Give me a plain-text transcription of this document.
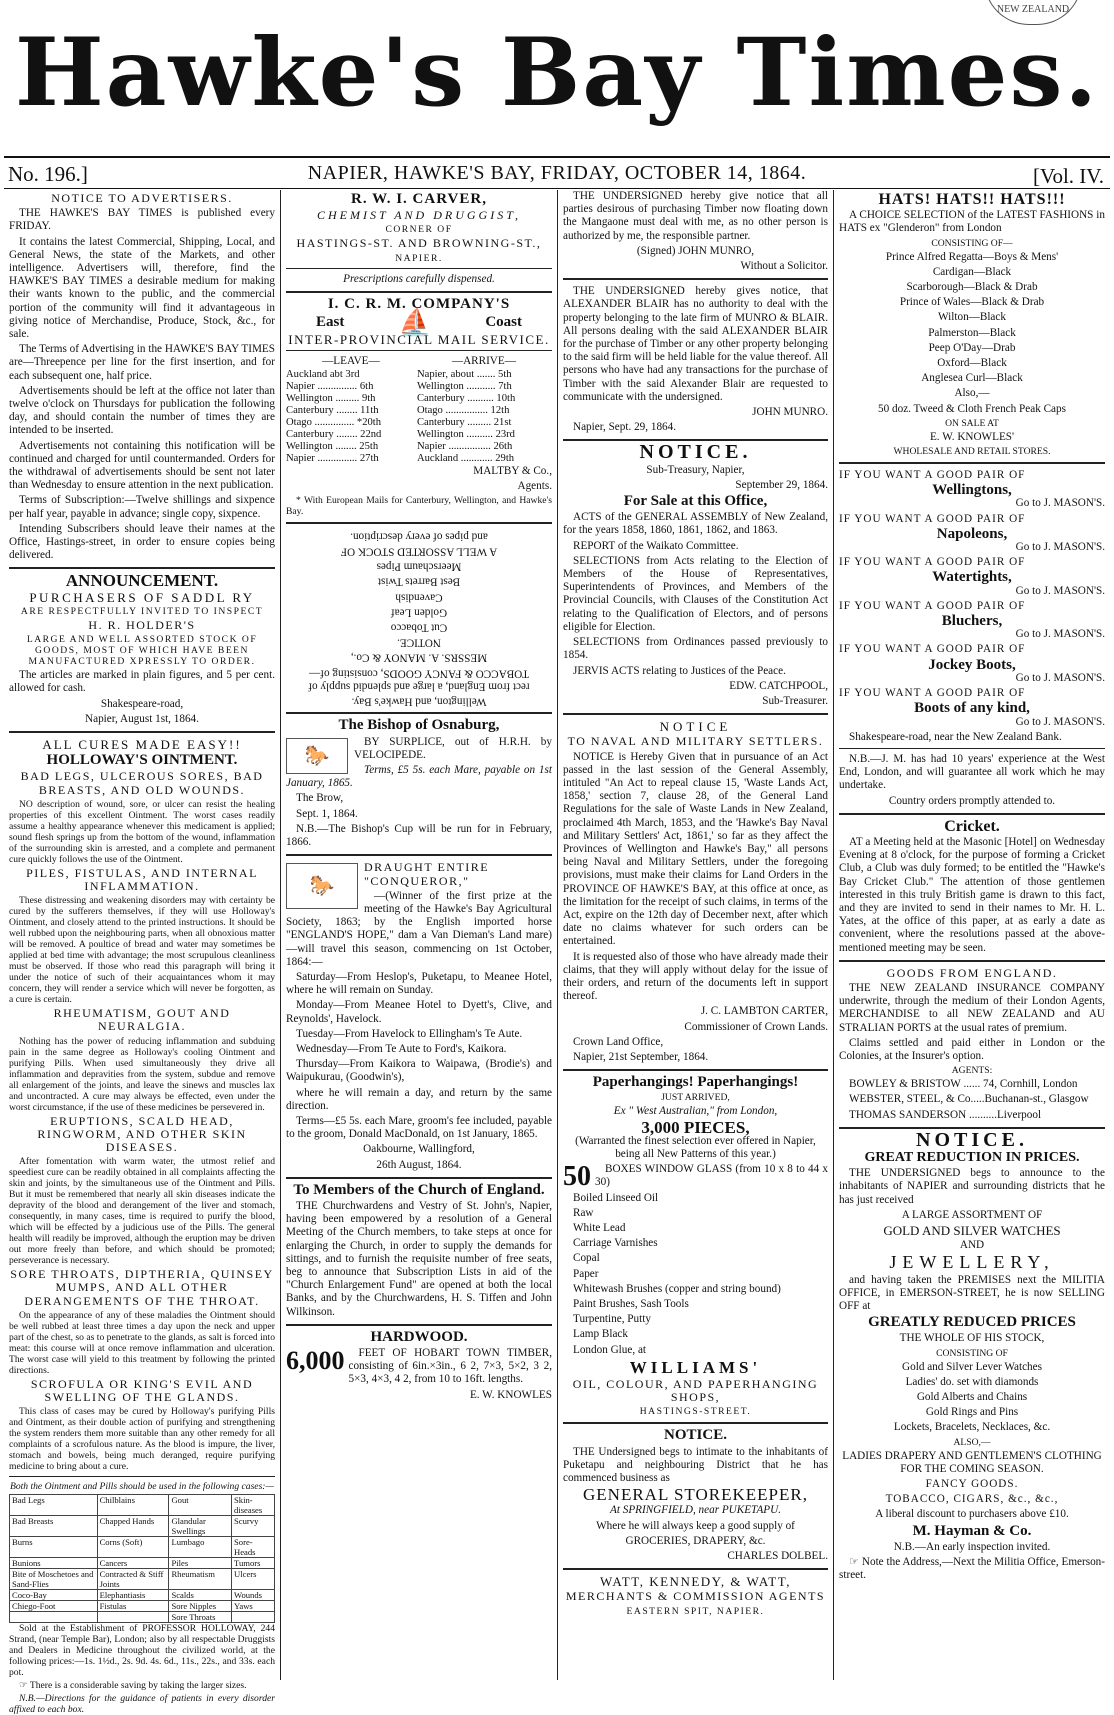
NEW ZEALAND
Hawke's Bay Times.
No. 196.]	NAPIER, HAWKE'S BAY, FRIDAY, OCTOBER 14, 1864.	[Vol. IV.
NOTICE TO ADVERTISERS.

THE HAWKE'S BAY TIMES is published every FRIDAY.

It contains the latest Commercial, Shipping, Local, and General News, the state of the Markets, and other intelligence. Advertisers will, therefore, find the HAWKE'S BAY TIMES a desirable medium for making their wants known to the public, and the commercial portion of the community will find it advantageous in giving notice of Merchandise, Produce, Stock, &c., for sale.

The Terms of Advertising in the HAWKE'S BAY TIMES are—Threepence per line for the first insertion, and for each subsequent one, half price.

Advertisements should be left at the office not later than twelve o'clock on Thursdays for publication the following day, and should contain the number of times they are intended to be inserted.

Advertisements not containing this notification will be continued and charged for until countermanded. Orders for the withdrawal of advertisements should be sent not later than Wednesday to ensure attention in the next publication.

Terms of Subscription:—Twelve shillings and sixpence per half year, payable in advance; single copy, sixpence.

Intending Subscribers should leave their names at the Office, Hastings-street, in order to ensure copies being delivered.

ANNOUNCEMENT.
PURCHASERS OF SADDL RY
ARE RESPECTFULLY INVITED TO INSPECT
H. R. HOLDER'S
LARGE AND WELL ASSORTED STOCK OF GOODS, MOST OF WHICH HAVE BEEN MANUFACTURED XPRESSLY TO ORDER.

The articles are marked in plain figures, and 5 per cent. allowed for cash.

Shakespeare-road,

Napier, August 1st, 1864.

ALL CURES MADE EASY!!
HOLLOWAY'S OINTMENT.
BAD LEGS, ULCEROUS SORES, BAD BREASTS, AND OLD WOUNDS.

NO description of wound, sore, or ulcer can resist the healing properties of this excellent Ointment. The worst cases readily assume a healthy appearance whenever this medicament is applied; sound flesh springs up from the bottom of the wound, inflammation of the surrounding skin is arrested, and a complete and permanent cure quickly follows the use of the Ointment.

PILES, FISTULAS, AND INTERNAL INFLAMMATION.

These distressing and weakening disorders may with certainty be cured by the sufferers themselves, if they will use Holloway's Ointment, and closely attend to the printed instructions. It should be well rubbed upon the neighbouring parts, when all obnoxious matter will be removed. A poultice of bread and water may sometimes be applied at bed time with advantage; the most scrupulous cleanliness must be observed. If those who read this paragraph will bring it under the notice of such of their acquaintances whom it may concern, they will render a service which will never be forgotten, as a cure is certain.

RHEUMATISM, GOUT AND NEURALGIA.

Nothing has the power of reducing inflammation and subduing pain in the same degree as Holloway's cooling Ointment and purifying Pills. When used simultaneously they drive all inflammation and depravities from the system, subdue and remove all enlargement of the joints, and leave the sinews and muscles lax and uncontracted. A cure may always be effected, even under the worst circumstance, if the use of these medicines be persevered in.

ERUPTIONS, SCALD HEAD, RINGWORM, AND OTHER SKIN DISEASES.

After fomentation with warm water, the utmost relief and speediest cure can be readily obtained in all complaints affecting the skin and joints, by the simultaneous use of the Ointment and Pills. But it must be remembered that nearly all skin diseases indicate the depravity of the blood and derangement of the liver and stomach, consequently, in many cases, time is required to purify the blood, which will be effected by a judicious use of the Pills. The general health will readily be improved, although the eruption may be driven out more freely than before, and which should be promoted; perseverance is necessary.

SORE THROATS, DIPTHERIA, QUINSEY MUMPS, AND ALL OTHER DERANGEMENTS OF THE THROAT.

On the appearance of any of these maladies the Ointment should be well rubbed at least three times a day upon the neck and upper part of the chest, so as to penetrate to the glands, as salt is forced into meat: this course will at once remove inflammation and ulceration. The worst case will yield to this treatment by following the printed directions.

SCROFULA OR KING'S EVIL AND SWELLING OF THE GLANDS.

This class of cases may be cured by Holloway's purifying Pills and Ointment, as their double action of purifying and strengthening the system renders them more suitable than any other remedy for all complaints of a scrofulous nature. As the blood is impure, the liver, stomach and bowels, being much deranged, require purifying medicine to bring about a cure.

Both the Ointment and Pills should be used in the following cases:—

Bad Legs	Chilblains	Gout	Skin-diseases
Bad Breasts	Chapped Hands	Glandular Swellings	Scurvy
Burns	Corns (Soft)	Lumbago	Sore-Heads
Bunions	Cancers	Piles	Tumors
Bite of Moschetoes and Sand-Flies	Contracted & Stiff Joints	Rheumatism	Ulcers
Coco-Bay	Elephantiasis	Scalds	Wounds
Chiego-Foot	Fistulas	Sore Nipples	Yaws
		Sore Throats	

Sold at the Establishment of PROFESSOR HOLLOWAY, 244 Strand, (near Temple Bar), London; also by all respectable Druggists and Dealers in Medicine throughout the civilized world, at the following prices:—1s. 1½d., 2s. 9d. 4s. 6d., 11s., 22s., and 33s. each pot.

☞ There is a considerable saving by taking the larger sizes.

N.B.—Directions for the guidance of patients in every disorder affixed to each box.

R. W. I. CARVER,
CHEMIST AND DRUGGIST,
CORNER OF
HASTINGS-ST. AND BROWNING-ST.,
NAPIER.

Prescriptions carefully dispensed.

I. C. R. M. COMPANY'S
East ⛵	Coast
INTER-PROVINCIAL MAIL SERVICE.
—LEAVE—	—ARRIVE—
Auckland abt 3rd	Napier, about ....... 5th
Napier ............... 6th	Wellington ........... 7th
Wellington ......... 9th	Canterbury .......... 10th
Canterbury ........ 11th	Otago ................ 12th
Otago ............... *20th	Canterbury ......... 21st
Canterbury ........ 22nd	Wellington .......... 23rd
Wellington ........ 25th	Napier ................ 26th
Napier ............... 27th	Auckland ............ 29th

MALTBY & Co.,

Agents.

* With European Mails for Canterbury, Wellington, and Hawke's Bay.

Wellington, and Hawke's Bay.

rect from England, a large and splendid supply of TOBACCO & FANCY GOODS, consisting of—

MESSRS. A. MANOY & Co.,

NOTICE.

Cut Tobacco

Golden Leaf

Cavendish

Best Barrets Twist

Meerschaum Pipes

A WELL ASSORTED STOCK OF

and pipes of every description.

The Bishop of Osnaburg,
🐎

BY SURPLICE, out of H.R.H. by VELOCIPEDE.

Terms, £5 5s. each Mare, payable on 1st January, 1865.

The Brow,

Sept. 1, 1864.

N.B.—The Bishop's Cup will be run for in February, 1866.

🐎
DRAUGHT ENTIRE "CONQUEROR,"

—(Winner of the first prize at the meeting of the Hawke's Bay Agricultural Society, 1863; by the English imported horse "ENGLAND'S HOPE," dam a Van Dieman's Land mare)—will travel this season, commencing on 1st October, 1864:—

Saturday—From Heslop's, Puketapu, to Meanee Hotel, where he will remain on Sunday.

Monday—From Meanee Hotel to Dyett's, Clive, and Reynolds', Havelock.

Tuesday—From Havelock to Ellingham's Te Aute.

Wednesday—From Te Aute to Ford's, Kaikora.

Thursday—From Kaikora to Waipawa, (Brodie's) and Waipukurau, (Goodwin's),

where he will remain a day, and return by the same direction.

Terms—£5 5s. each Mare, groom's fee included, payable to the groom, Donald MacDonald, on 1st January, 1865.

Oakbourne, Wallingford,

26th August, 1864.

To Members of the Church of England.

THE Churchwardens and Vestry of St. John's, Napier, having been empowered by a resolution of a General Meeting of the Church members, to take steps at once for enlarging the Church, in order to supply the demands for sittings, and to furnish the requisite number of free seats, beg to announce that Subscription Lists in aid of the "Church Enlargement Fund" are opened at both the local Banks, and by the Churchwardens, H. S. Tiffen and John Wilkinson.

HARDWOOD.
6,000	FEET OF HOBART TOWN TIMBER, consisting of 6in.×3in., 6 2, 7×3, 5×2, 3 2, 5×3, 4×3, 4 2, from 10 to 16ft. lengths.

E. W. KNOWLES

THE UNDERSIGNED hereby give notice that all parties desirous of purchasing Timber now floating down the Mangaone must deal with me, as no other person is authorized by me, the responsible partner.

(Signed) JOHN MUNRO,

Without a Solicitor.

THE UNDERSIGNED hereby gives notice, that ALEXANDER BLAIR has no authority to deal with the property belonging to the late firm of MUNRO & BLAIR. All persons dealing with the said ALEXANDER BLAIR for the purchase of Timber or any other property belonging to the said firm will be held liable for the value thereof. All persons who have had any transactions for the purchase of Timber with the said Alexander Blair are requested to communicate with the undersigned.

JOHN MUNRO.

Napier, Sept. 29, 1864.

NOTICE.

Sub-Treasury, Napier,

September 29, 1864.

For Sale at this Office,

ACTS of the GENERAL ASSEMBLY of New Zealand, for the years 1858, 1860, 1861, 1862, and 1863.

REPORT of the Waikato Committee.

SELECTIONS from Acts relating to the Election of Members of the House of Representatives, Superintendents of Provinces, and Members of the Provincial Councils, with Clauses of the Constitution Act relating to the Qualification of Electors, and of persons eligible for Election.

SELECTIONS from Ordinances passed previously to 1854.

JERVIS ACTS relating to Justices of the Peace.

EDW. CATCHPOOL,

Sub-Treasurer.

NOTICE
TO NAVAL AND MILITARY SETTLERS.

NOTICE is Hereby Given that in pursuance of an Act passed in the last session of the General Assembly, intituled "An Act to repeal clause 15, 'Waste Lands Act, 1858,' section 7, clause 28, of the General Land Regulations for the sale of Waste Lands in New Zealand, proclaimed 4th March, 1853, and the 'Hawke's Bay Naval and Military Settlers' Act, 1861,' so far as they affect the Provinces of Wellington and Hawke's Bay," all persons being Naval and Military Settlers, under the foregoing provisions, must make their claims for Land Orders in the PROVINCE OF HAWKE'S BAY, at this office at once, as the limitation for the receipt of such claims, in terms of the Act, expire on the 12th day of December next, after which date no claims whatever for such orders can be entertained.

It is requested also of those who have already made their claims, that they will apply without delay for the issue of their orders, and return of the documents left in support thereof.

J. C. LAMBTON CARTER,

Commissioner of Crown Lands.

Crown Land Office,

Napier, 21st September, 1864.

Paperhangings! Paperhangings!

JUST ARRIVED,

Ex " West Australian," from London,

3,000 PIECES,

(Warranted the finest selection ever offered in Napier, being all New Patterns of this year.)

50	BOXES WINDOW GLASS (from 10 x 8 to 44 x 30)

Boiled Linseed Oil

Raw

White Lead

Carriage Varnishes

Copal

Paper

Whitewash Brushes (copper and string bound)

Paint Brushes, Sash Tools

Turpentine, Putty

Lamp Black

London Glue, at

WILLIAMS'
OIL, COLOUR, AND PAPERHANGING SHOPS,
HASTINGS-STREET.
NOTICE.

THE Undersigned begs to intimate to the inhabitants of Puketapu and neighbouring District that he has commenced business as

GENERAL STOREKEEPER,

At SPRINGFIELD, near PUKETAPU.

Where he will always keep a good supply of

GROCERIES, DRAPERY, &c.

CHARLES DOLBEL.

WATT, KENNEDY, & WATT,
MERCHANTS & COMMISSION AGENTS
EASTERN SPIT, NAPIER.
HATS! HATS!! HATS!!!

A CHOICE SELECTION of the LATEST FASHIONS in HATS ex "Glenderon" from London

CONSISTING OF—

Prince Alfred Regatta—Boys & Mens'

Cardigan—Black

Scarborough—Black & Drab

Prince of Wales—Black & Drab

Wilton—Black

Palmerston—Black

Peep O'Day—Drab

Oxford—Black

Anglesea Curl—Black

Also,—

50 doz. Tweed & Cloth French Peak Caps

ON SALE AT

E. W. KNOWLES'

WHOLESALE AND RETAIL STORES.

IF YOU WANT A GOOD PAIR OF

Wellingtons,

Go to J. MASON'S.

IF YOU WANT A GOOD PAIR OF

Napoleons,

Go to J. MASON'S.

IF YOU WANT A GOOD PAIR OF

Watertights,

Go to J. MASON'S.

IF YOU WANT A GOOD PAIR OF

Bluchers,

Go to J. MASON'S.

IF YOU WANT A GOOD PAIR OF

Jockey Boots,

Go to J. MASON'S.

IF YOU WANT A GOOD PAIR OF

Boots of any kind,

Go to J. MASON'S.

Shakespeare-road, near the New Zealand Bank.

N.B.—J. M. has had 10 years' experience at the West End, London, and will guarantee all work which he may undertake.

Country orders promptly attended to.

Cricket.

AT a Meeting held at the Masonic [Hotel] on Wednesday Evening at 8 o'clock, for the purpose of forming a Cricket Club, a Club was duly formed; to be entitled the "Hawke's Bay Cricket Club." The attention of those gentlemen interested in this truly British game is drawn to this fact, and they are invited to send in their names to Mr. H. L. Yates, at the office of this paper, at as early a date as convenient, where the resolutions passed at the above-mentioned meeting may be seen.

GOODS FROM ENGLAND.

THE NEW ZEALAND INSURANCE COMPANY underwrite, through the medium of their London Agents, MERCHANDISE to all NEW ZEALAND and AU STRALIAN PORTS at the usual rates of premium.

Claims settled and paid either in London or the Colonies, at the Insurer's option.

AGENTS:

BOWLEY & BRISTOW ...... 74, Cornhill, London

WEBSTER, STEEL, & Co.....Buchanan-st., Glasgow

THOMAS SANDERSON ..........Liverpool

NOTICE.
GREAT REDUCTION IN PRICES.

THE UNDERSIGNED begs to announce to the inhabitants of NAPIER and surrounding districts that he has just received

A LARGE ASSORTMENT OF

GOLD AND SILVER WATCHES

AND

JEWELLERY,

and having taken the PREMISES next the MILITIA OFFICE, in EMERSON-STREET, he is now SELLING OFF at

GREATLY REDUCED PRICES

THE WHOLE OF HIS STOCK,

CONSISTING OF

Gold and Silver Lever Watches

Ladies' do. set with diamonds

Gold Alberts and Chains

Gold Rings and Pins

Lockets, Bracelets, Necklaces, &c.

ALSO,—

LADIES DRAPERY AND GENTLEMEN'S CLOTHING FOR THE COMING SEASON.

FANCY GOODS.

TOBACCO, CIGARS, &c., &c.,

A liberal discount to purchasers above £10.

M. Hayman & Co.

N.B.—An early inspection invited.

☞ Note the Address,—Next the Militia Office, Emerson-street.
